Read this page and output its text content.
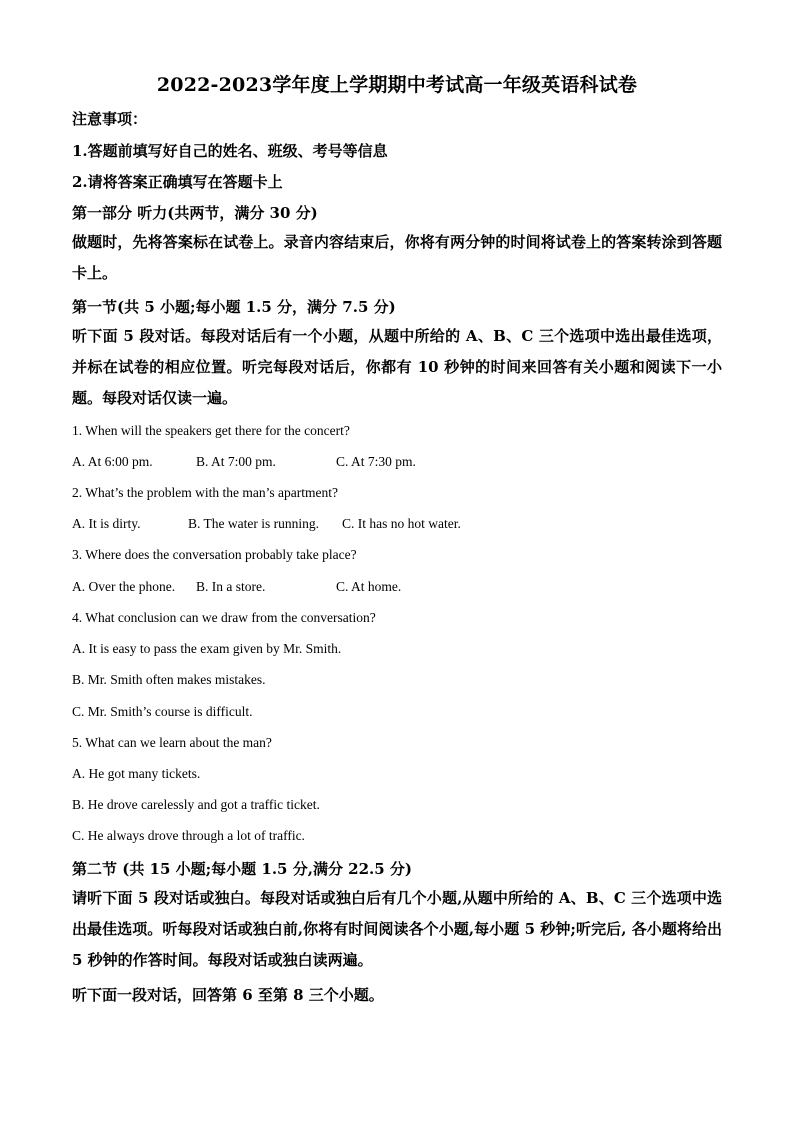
2022-2023学年度上学期期中考试高一年级英语科试卷
注意事项：
1.答题前填写好自己的姓名、班级、考号等信息
2.请将答案正确填写在答题卡上
第一部分 听力(共两节，满分 30 分)
做题时，先将答案标在试卷上。录音内容结束后，你将有两分钟的时间将试卷上的答案转涂到答题卡上。
第一节(共 5 小题;每小题 1.5 分，满分 7.5 分)
听下面 5 段对话。每段对话后有一个小题，从题中所给的 A、B、C 三个选项中选出最佳选项，并标在试卷的相应位置。听完每段对话后，你都有 10 秒钟的时间来回答有关小题和阅读下一小题。每段对话仅读一遍。
1. When will the speakers get there for the concert?
A. At 6:00 pm.	B. At 7:00 pm.	C. At 7:30 pm.
2. What’s the problem with the man’s apartment?
A. It is dirty.	B. The water is running. C. It has no hot water.
3. Where does the conversation probably take place?
A. Over the phone. B. In a store.	C. At home.
4. What conclusion can we draw from the conversation?
A. It is easy to pass the exam given by Mr. Smith.
B. Mr. Smith often makes mistakes.
C. Mr. Smith’s course is difficult.
5. What can we learn about the man?
A. He got many tickets.
B. He drove carelessly and got a traffic ticket.
C. He always drove through a lot of traffic.
第二节 (共 15 小题;每小题 1.5 分,满分 22.5 分)
请听下面 5 段对话或独白。每段对话或独白后有几个小题,从题中所给的 A、B、C 三个选项中选出最佳选项。听每段对话或独白前,你将有时间阅读各个小题,每小题 5 秒钟;听完后, 各小题将给出 5 秒钟的作答时间。每段对话或独白读两遍。
听下面一段对话，回答第 6 至第 8 三个小题。
